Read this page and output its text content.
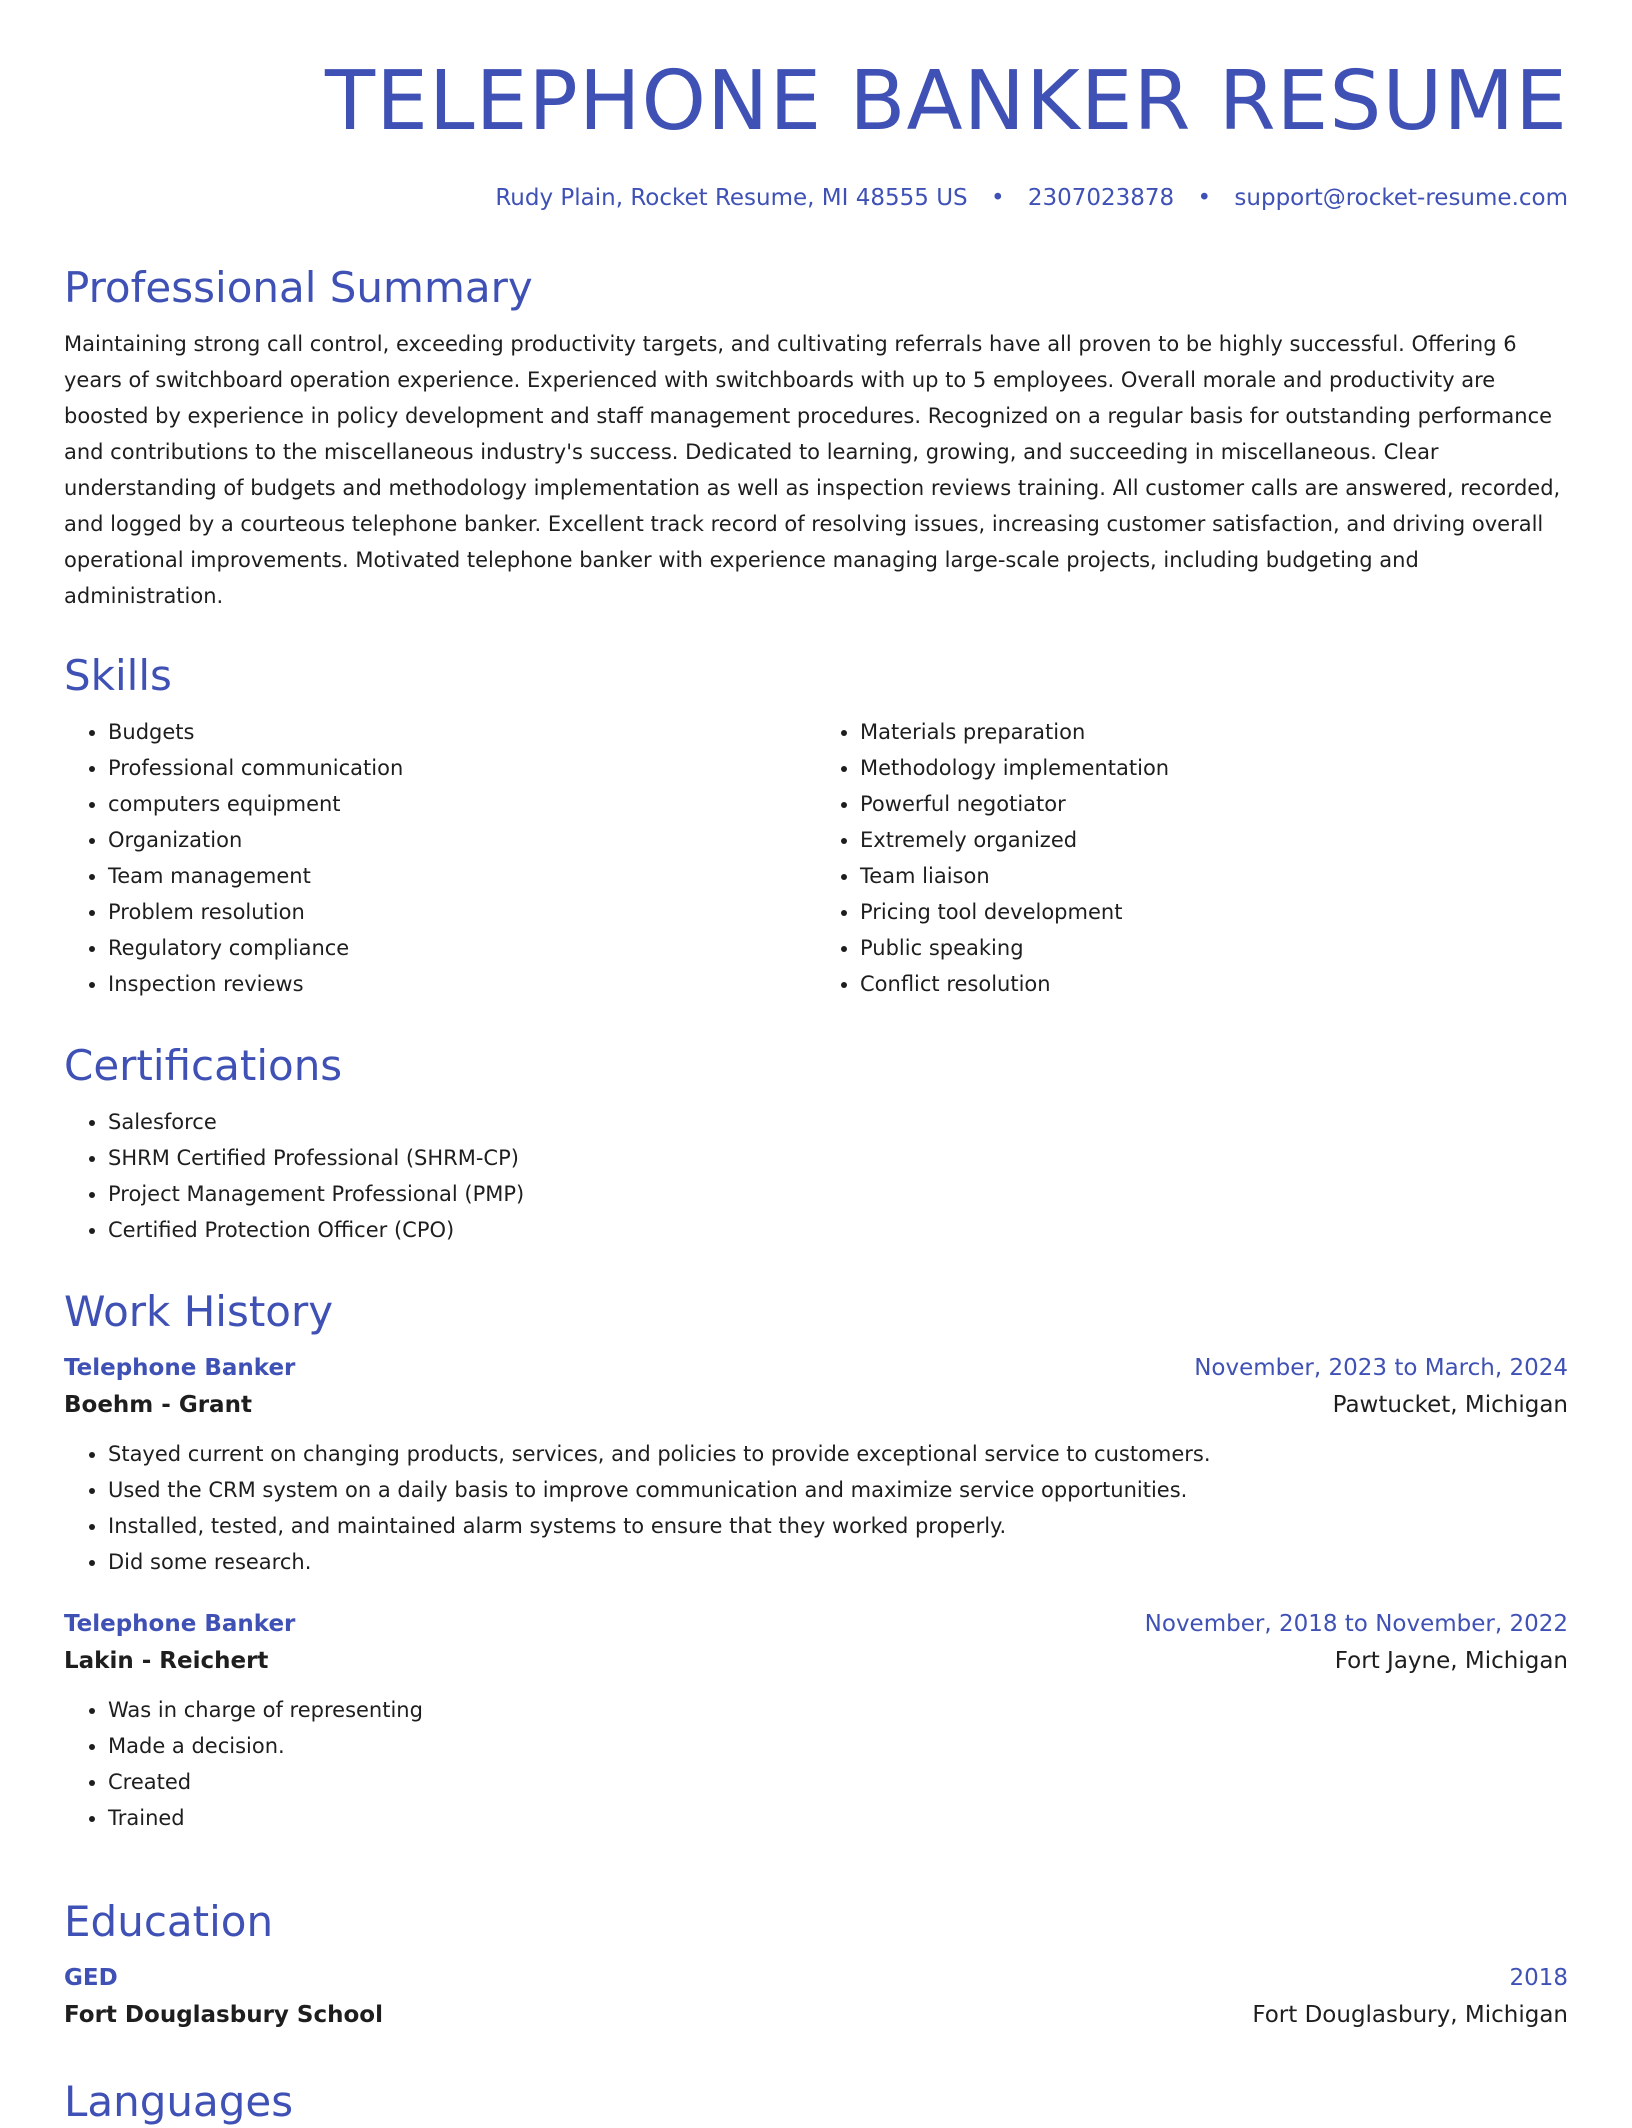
TELEPHONE BANKER RESUME
Rudy Plain, Rocket Resume, MI 48555 US • 2307023878 • support@rocket-resume.com
Professional Summary

Maintaining strong call control, exceeding productivity targets, and cultivating referrals have all proven to be highly successful. Offering 6 years of switchboard operation experience. Experienced with switchboards with up to 5 employees. Overall morale and productivity are boosted by experience in policy development and staff management procedures. Recognized on a regular basis for outstanding performance and contributions to the miscellaneous industry's success. Dedicated to learning, growing, and succeeding in miscellaneous. Clear understanding of budgets and methodology implementation as well as inspection reviews training. All customer calls are answered, recorded, and logged by a courteous telephone banker. Excellent track record of resolving issues, increasing customer satisfaction, and driving overall operational improvements. Motivated telephone banker with experience managing large-scale projects, including budgeting and administration.

Skills
• Budgets
• Professional communication
• computers equipment
• Organization
• Team management
• Problem resolution
• Regulatory compliance
• Inspection reviews
• Materials preparation
• Methodology implementation
• Powerful negotiator
• Extremely organized
• Team liaison
• Pricing tool development
• Public speaking
• Conflict resolution
Certifications
• Salesforce
• SHRM Certified Professional (SHRM-CP)
• Project Management Professional (PMP)
• Certified Protection Officer (CPO)
Work History
Telephone Banker	November, 2023 to March, 2024
Boehm - Grant	Pawtucket, Michigan
• Stayed current on changing products, services, and policies to provide exceptional service to customers.
• Used the CRM system on a daily basis to improve communication and maximize service opportunities.
• Installed, tested, and maintained alarm systems to ensure that they worked properly.
• Did some research.
Telephone Banker	November, 2018 to November, 2022
Lakin - Reichert	Fort Jayne, Michigan
• Was in charge of representing
• Made a decision.
• Created
• Trained
Education
GED	2018
Fort Douglasbury School	Fort Douglasbury, Michigan
Languages
